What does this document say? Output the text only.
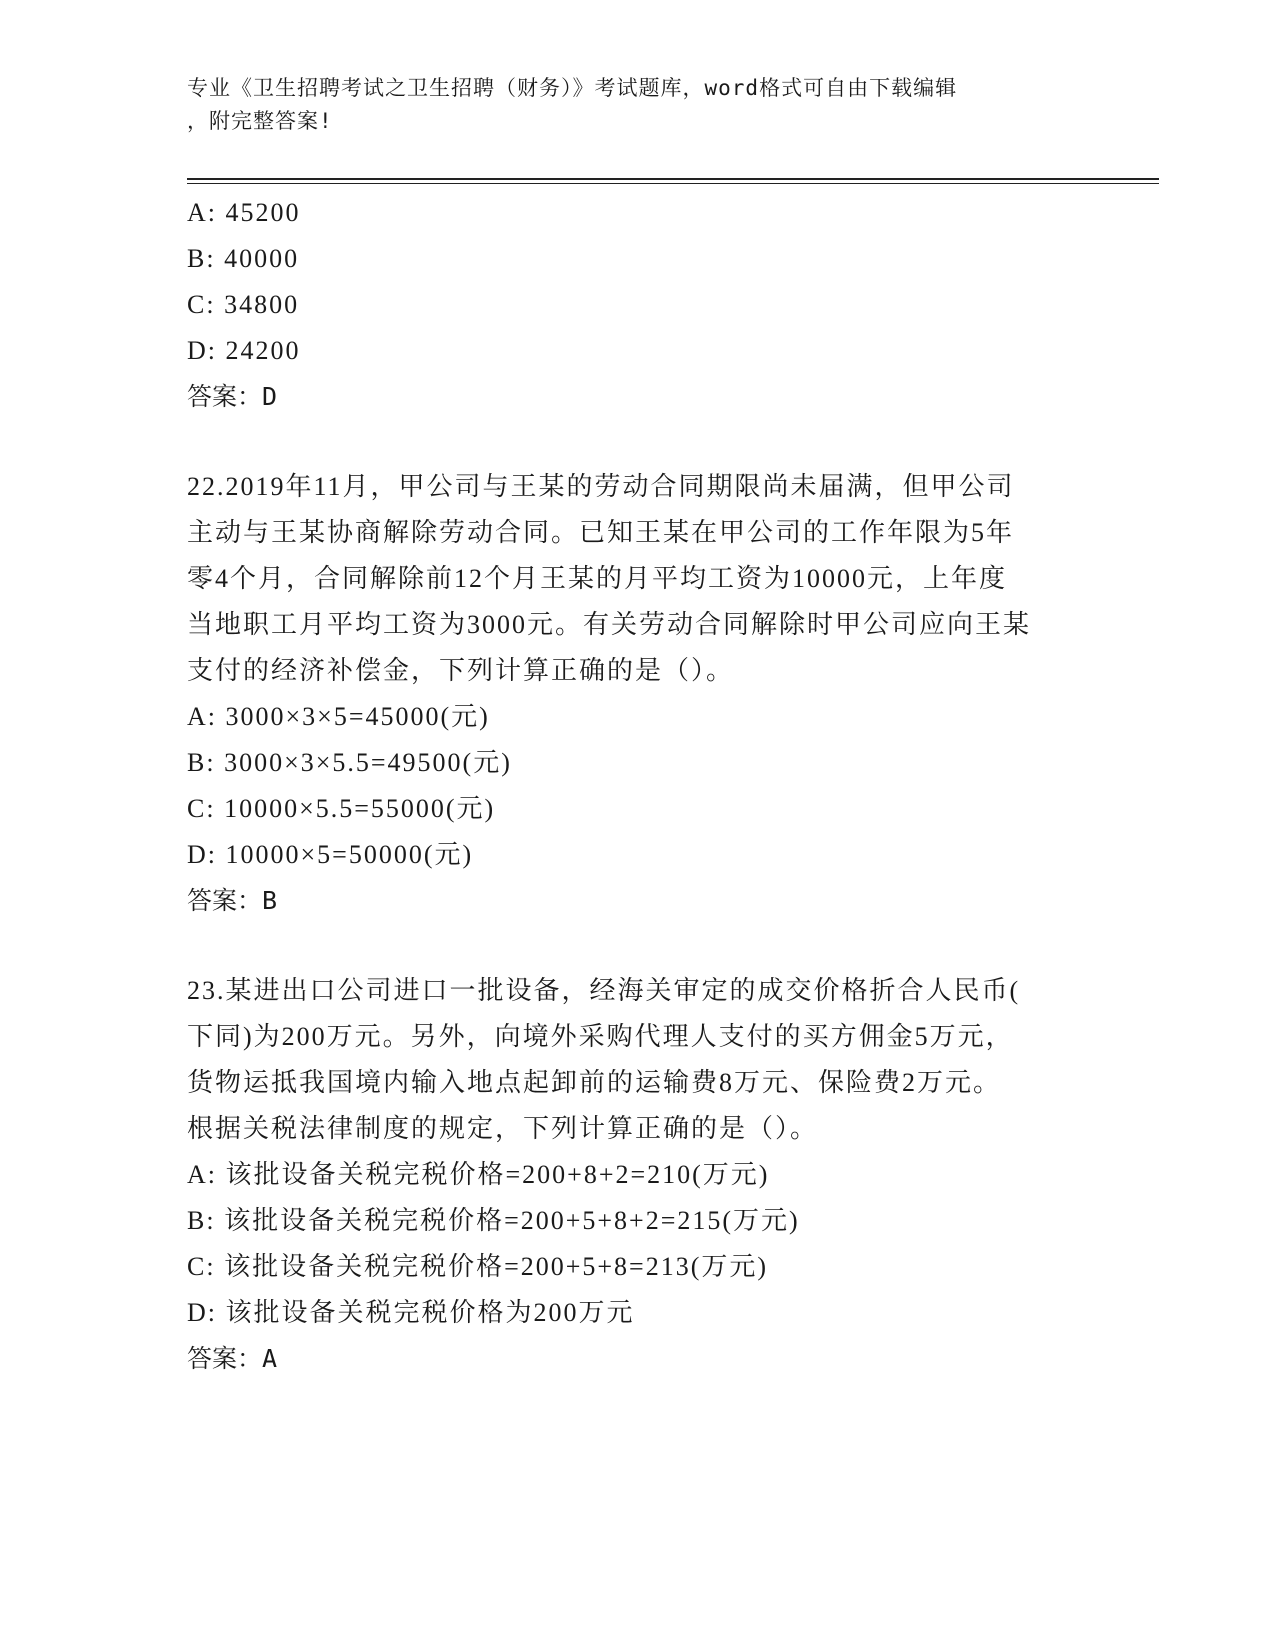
专业《卫生招聘考试之卫生招聘（财务）》考试题库，word格式可自由下载编辑
，附完整答案!
A: 45200
B: 40000
C: 34800
D: 24200
答案：D
22.2019年11月，甲公司与王某的劳动合同期限尚未届满，但甲公司
主动与王某协商解除劳动合同。已知王某在甲公司的工作年限为5年
零4个月，合同解除前12个月王某的月平均工资为10000元，上年度
当地职工月平均工资为3000元。有关劳动合同解除时甲公司应向王某
支付的经济补偿金，下列计算正确的是（）。
A: 3000×3×5=45000(元)
B: 3000×3×5.5=49500(元)
C: 10000×5.5=55000(元)
D: 10000×5=50000(元)
答案：B
23.某进出口公司进口一批设备，经海关审定的成交价格折合人民币(
下同)为200万元。另外，向境外采购代理人支付的买方佣金5万元，
货物运抵我国境内输入地点起卸前的运输费8万元、保险费2万元。
根据关税法律制度的规定，下列计算正确的是（）。
A: 该批设备关税完税价格=200+8+2=210(万元)
B: 该批设备关税完税价格=200+5+8+2=215(万元)
C: 该批设备关税完税价格=200+5+8=213(万元)
D: 该批设备关税完税价格为200万元
答案：A
